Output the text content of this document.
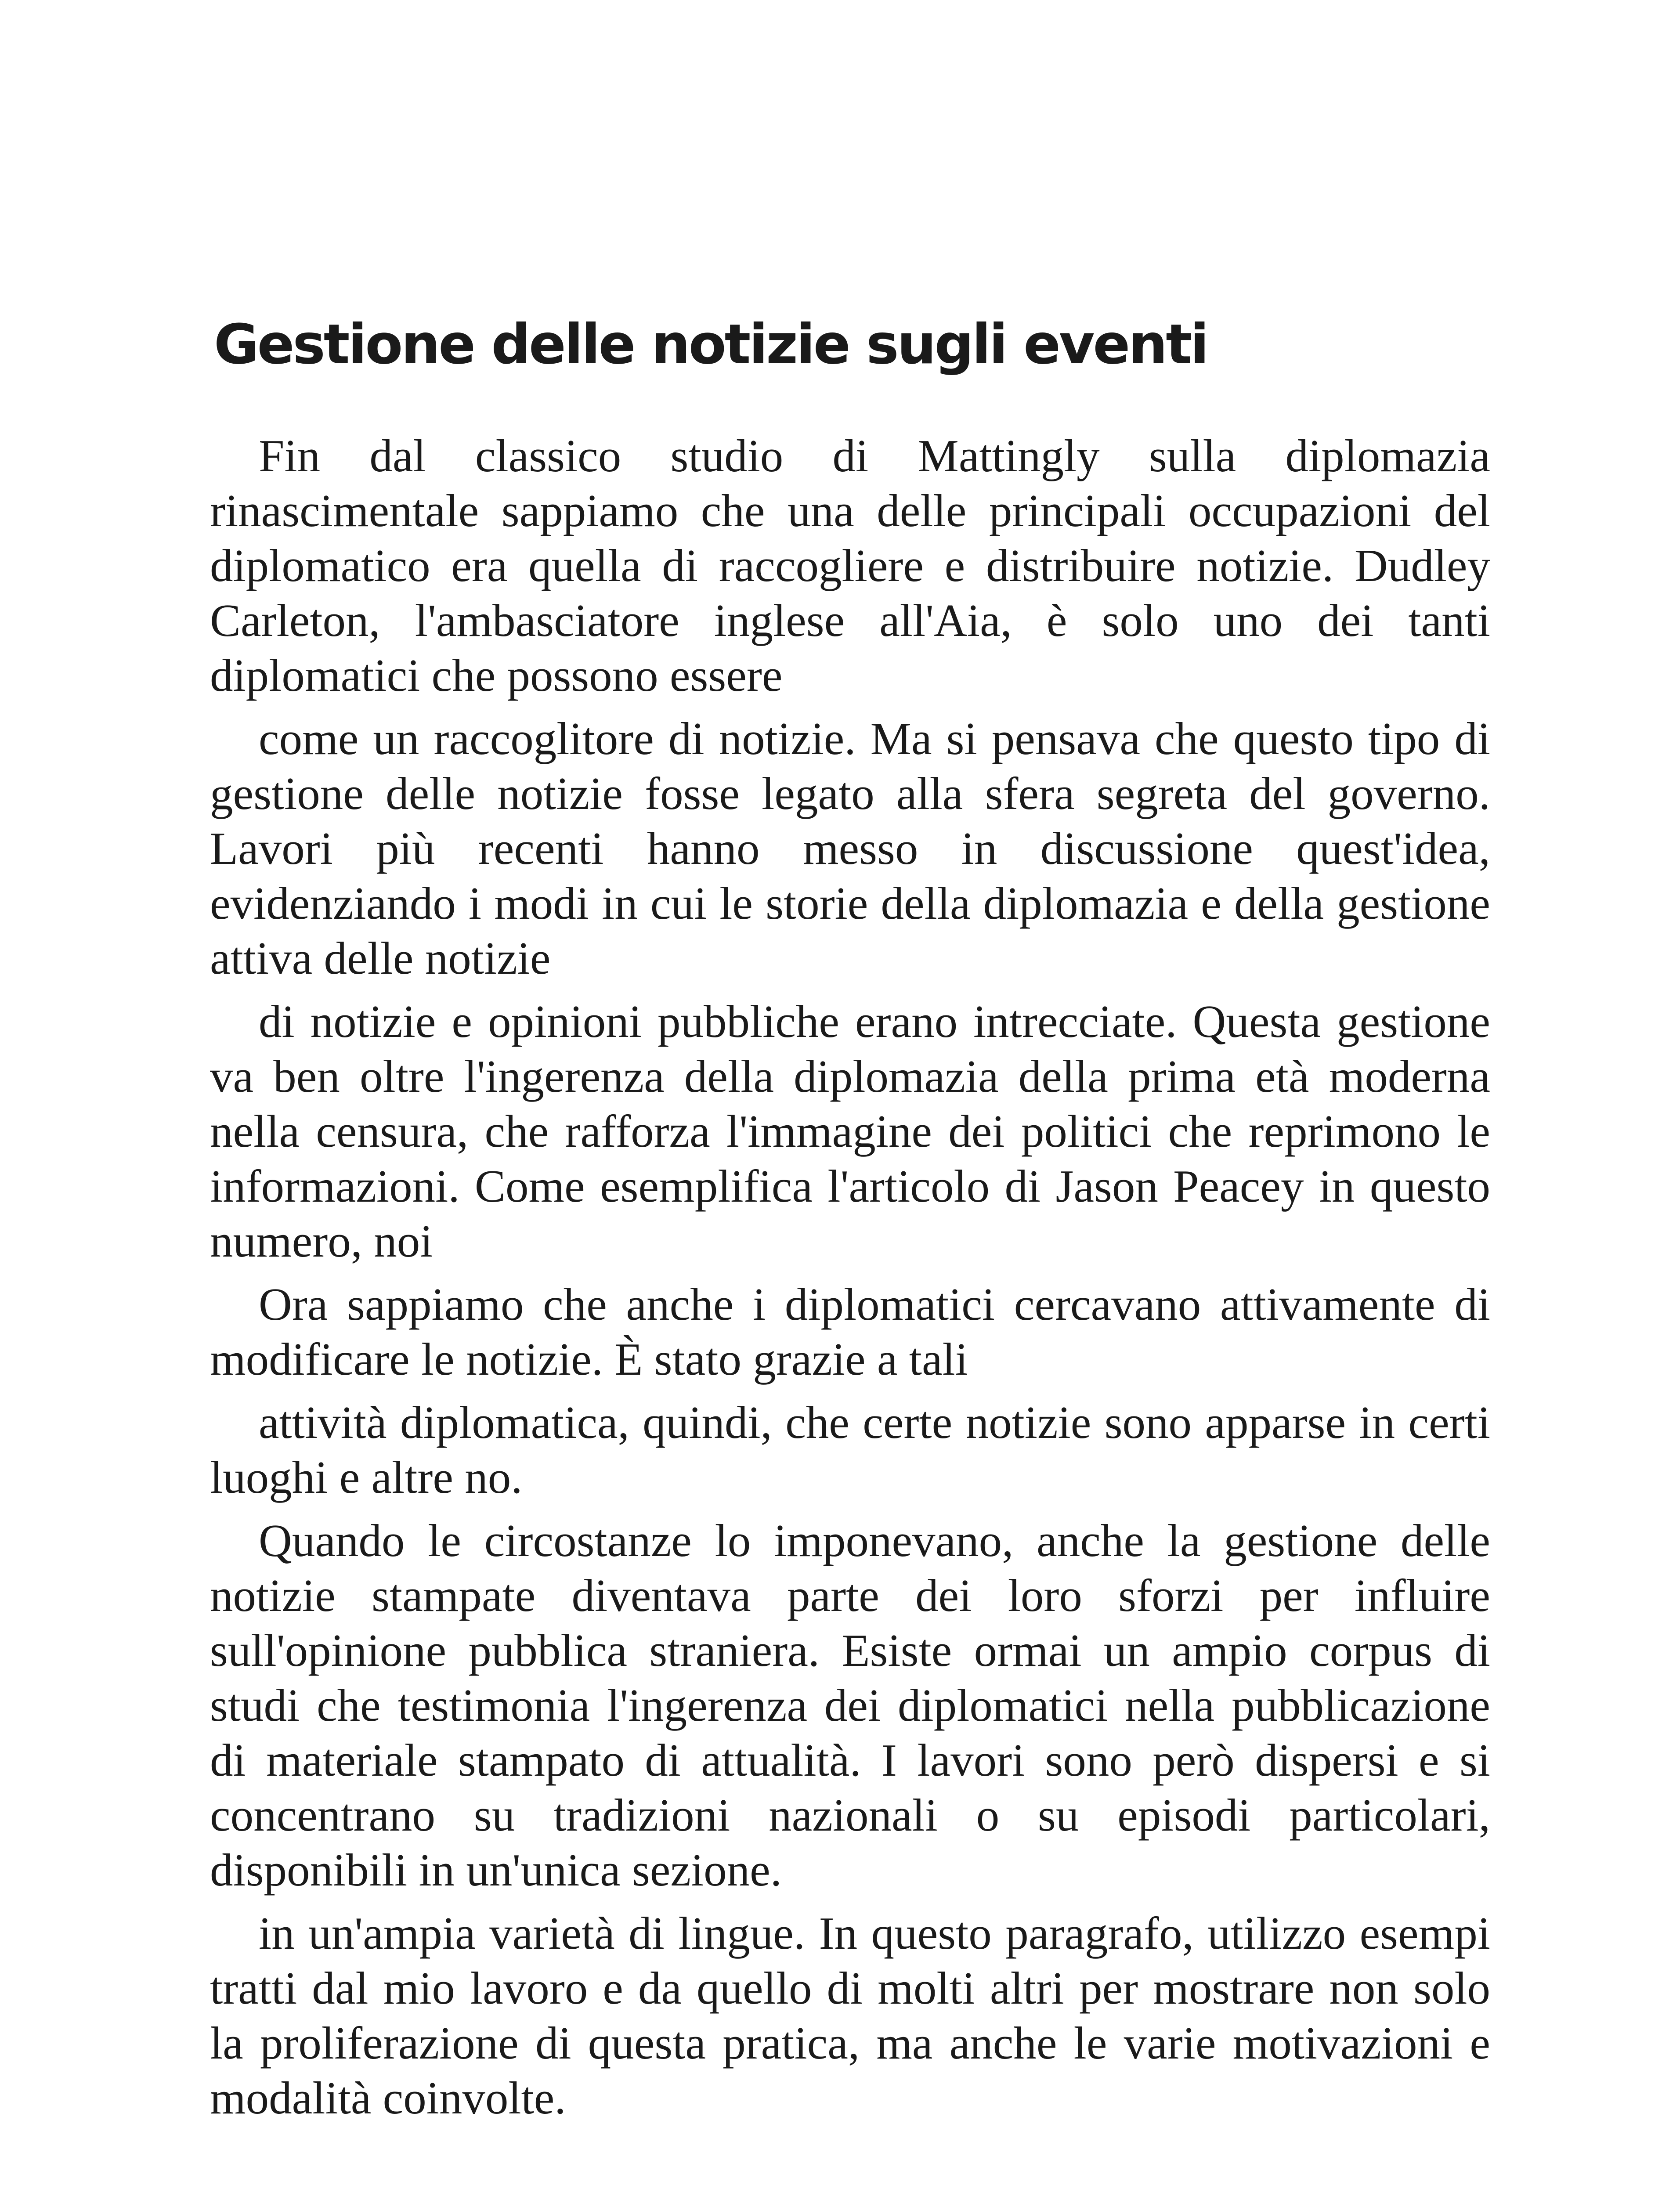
Gestione delle notizie sugli eventi

Fin dal classico studio di Mattingly sulla diplomazia rinascimentale sappiamo che una delle principali occupazioni del diplomatico era quella di raccogliere e distribuire notizie. Dudley Carleton, l'ambasciatore inglese all'Aia, è solo uno dei tanti diplomatici che possono essere

come un raccoglitore di notizie. Ma si pensava che questo tipo di gestione delle notizie fosse legato alla sfera segreta del governo. Lavori più recenti hanno messo in discussione quest'idea, evidenziando i modi in cui le storie della diplomazia e della gestione attiva delle notizie

di notizie e opinioni pubbliche erano intrecciate. Questa gestione va ben oltre l'ingerenza della diplomazia della prima età moderna nella censura, che rafforza l'immagine dei politici che reprimono le informazioni. Come esemplifica l'articolo di Jason Peacey in questo numero, noi

Ora sappiamo che anche i diplomatici cercavano attivamente di modificare le notizie. È stato grazie a tali

attività diplomatica, quindi, che certe notizie sono apparse in certi luoghi e altre no.

Quando le circostanze lo imponevano, anche la gestione delle notizie stampate diventava parte dei loro sforzi per influire sull'opinione pubblica straniera. Esiste ormai un ampio corpus di studi che testimonia l'ingerenza dei diplomatici nella pubblicazione di materiale stampato di attualità. I lavori sono però dispersi e si concentrano su tradizioni nazionali o su episodi particolari, disponibili in un'unica sezione.

in un'ampia varietà di lingue. In questo paragrafo, utilizzo esempi tratti dal mio lavoro e da quello di molti altri per mostrare non solo la proliferazione di questa pratica, ma anche le varie motivazioni e modalità coinvolte.
